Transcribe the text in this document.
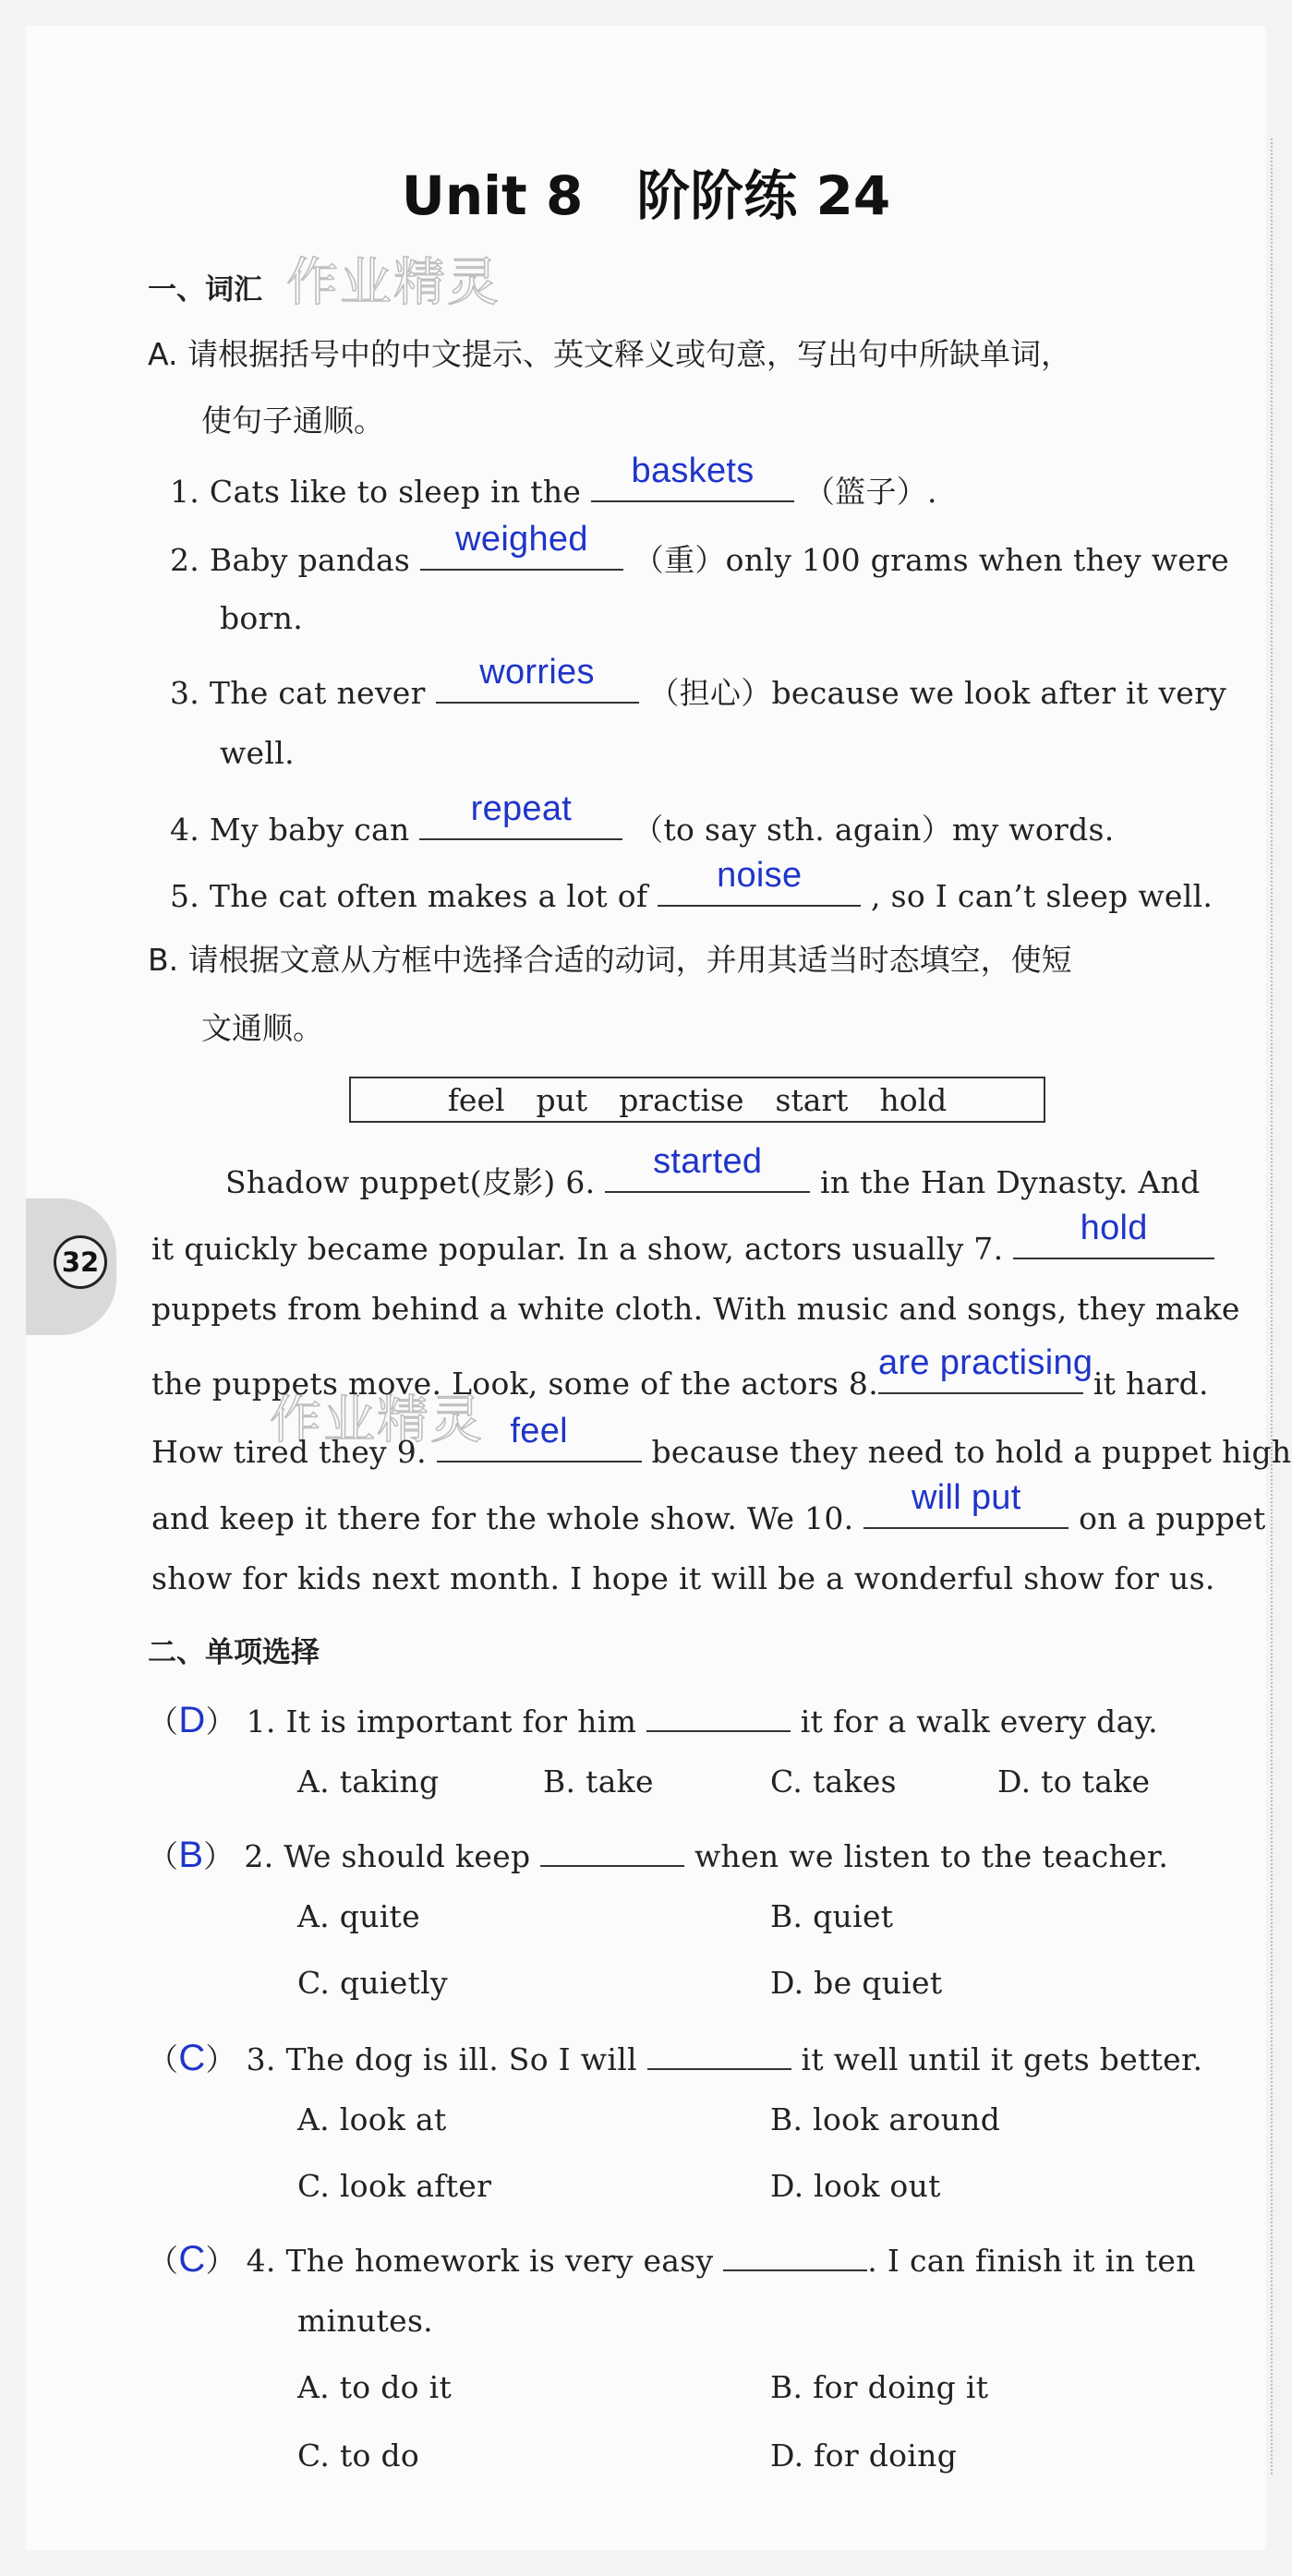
Unit 8　阶阶练 24
作业精灵
作业精灵
32
一、词汇
A. 请根据括号中的中文提示、英文释义或句意，写出句中所缺单词，
使句子通顺。
1. Cats like to sleep in the
baskets
（篮子）.
2. Baby pandas
weighed
（重）only 100 grams when they were
born.
3. The cat never
worries
（担心）because we look after it very
well.
4. My baby can
repeat
（to say sth. again）my words.
5. The cat often makes a lot of
noise
, so I can’t sleep well.
B. 请根据文意从方框中选择合适的动词，并用其适当时态填空，使短
文通顺。
feel put practise start hold
Shadow puppet(皮影) 6.
started
in the Han Dynasty. And
it quickly became popular. In a show, actors usually 7.
hold
puppets from behind a white cloth. With music and songs, they make
the puppets move. Look, some of the actors 8.
are practising
it hard.
How tired they 9.
feel
because they need to hold a puppet high
and keep it there for the whole show. We 10.
will put
on a puppet
show for kids next month. I hope it will be a wonderful show for us.
二、单项选择
（D） 1. It is important for him	it for a walk every day.
A. taking	B. take	C. takes	D. to take
（B） 2. We should keep	when we listen to the teacher.
A. quite	B. quiet
C. quietly	D. be quiet
（C） 3. The dog is ill. So I will	it well until it gets better.
A. look at	B. look around
C. look after	D. look out
（C） 4. The homework is very easy	. I can finish it in ten
minutes.
A. to do it	B. for doing it
C. to do	D. for doing
